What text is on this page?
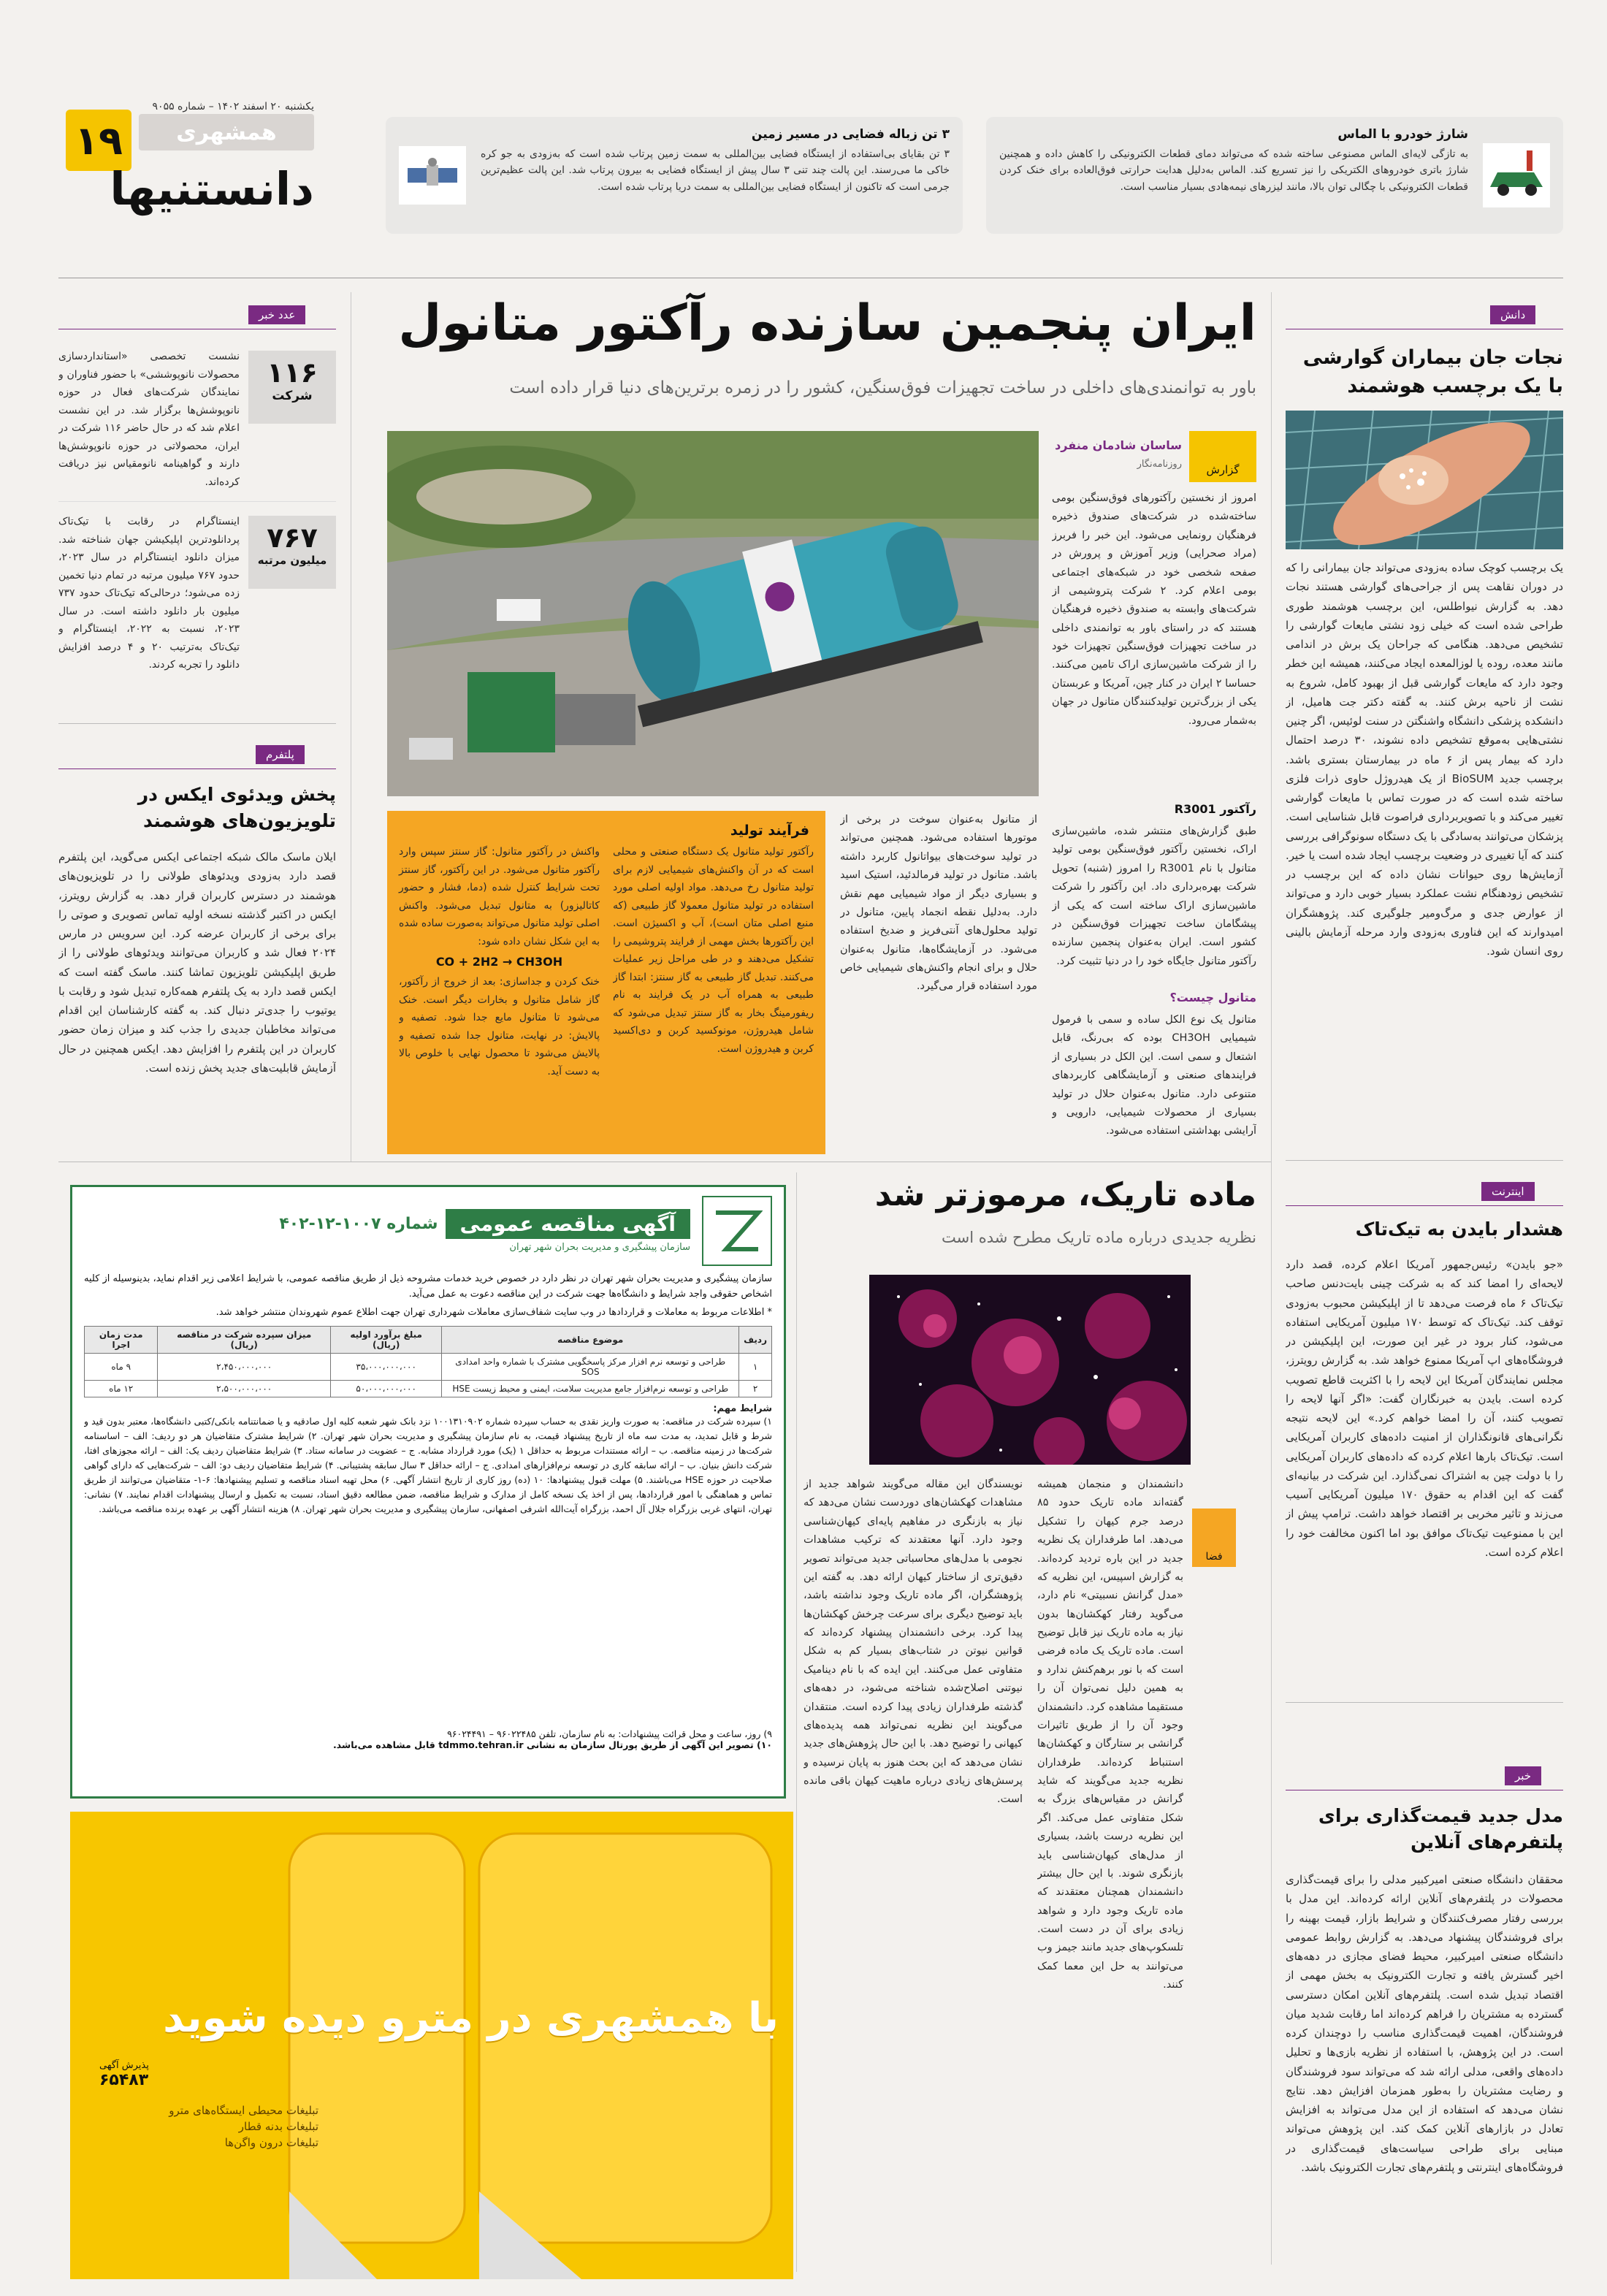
۱۹ همشهری
یکشنبه ۲۰ اسفند ۱۴۰۲ – شماره ۹۰۵۵
دانستنیها
۳ تن زباله فضایی در مسیر زمین
۳ تن بقایای بی‌استفاده از ایستگاه فضایی بین‌المللی به سمت زمین پرتاب شده است که به‌زودی به جو کره خاکی ما می‌رسند. این پالت چند تنی ۳ سال پیش از ایستگاه فضایی به بیرون پرتاب شد. این پالت عظیم‌ترین جرمی است که تاکنون از ایستگاه فضایی بین‌المللی به سمت دریا پرتاب شده است.
شارژ خودرو با الماس
به تازگی لایه‌ای الماس مصنوعی ساخته شده که می‌تواند دمای قطعات الکترونیکی را کاهش داده و همچنین شارژ باتری خودروهای الکتریکی را نیز تسریع کند. الماس به‌دلیل هدایت حرارتی فوق‌العاده برای خنک کردن قطعات الکترونیکی با چگالی توان بالا، مانند لیزرهای نیمه‌هادی بسیار مناسب است.
دانش
نجات جان بیماران گوارشی با یک برچسب هوشمند
یک برچسب کوچک ساده به‌زودی می‌تواند جان بیمارانی را که در دوران نقاهت پس از جراحی‌های گوارشی هستند نجات دهد. به گزارش نیواطلس، این برچسب هوشمند طوری طراحی شده است که خیلی زود نشتی مایعات گوارشی را تشخیص می‌دهد. هنگامی که جراحان یک برش در اندامی مانند معده، روده یا لوزالمعده ایجاد می‌کنند، همیشه این خطر وجود دارد که مایعات گوارشی قبل از بهبود کامل، شروع به نشت از ناحیه برش کنند. به گفته دکتر جت هامیل، از دانشکده پزشکی دانشگاه واشنگتن در سنت لوئیس، اگر چنین نشتی‌هایی به‌موقع تشخیص داده نشوند، ۳۰ درصد احتمال دارد که بیمار پس از ۶ ماه در بیمارستان بستری باشد. برچسب جدید BioSUM از یک هیدروژل حاوی ذرات فلزی ساخته شده است که در صورت تماس با مایعات گوارشی تغییر می‌کند و با تصویربرداری فراصوت قابل شناسایی است. پزشکان می‌توانند به‌سادگی با یک دستگاه سونوگرافی بررسی کنند که آیا تغییری در وضعیت برچسب ایجاد شده است یا خیر. آزمایش‌ها روی حیوانات نشان داده که این برچسب در تشخیص زودهنگام نشت عملکرد بسیار خوبی دارد و می‌تواند از عوارض جدی و مرگ‌ومیر جلوگیری کند. پژوهشگران امیدوارند که این فناوری به‌زودی وارد مرحله آزمایش بالینی روی انسان شود.
اینترنت
هشدار بایدن به تیک‌تاک
«جو بایدن» رئیس‌جمهور آمریکا اعلام کرده، قصد دارد لایحه‌ای را امضا کند که به شرکت چینی بایت‌دنس صاحب تیک‌تاک ۶ ماه فرصت می‌دهد تا از اپلیکیشن محبوب به‌زودی توقف کند. تیک‌تاک که توسط ۱۷۰ میلیون آمریکایی استفاده می‌شود، کنار برود در غیر این صورت، این اپلیکیشن در فروشگاه‌های اپ آمریکا ممنوع خواهد شد. به گزارش رویترز، مجلس نمایندگان آمریکا این لایحه را با اکثریت قاطع تصویب کرده است. بایدن به خبرنگاران گفت: «اگر آنها لایحه را تصویب کنند، آن را امضا خواهم کرد.» این لایحه نتیجه نگرانی‌های قانونگذاران از امنیت داده‌های کاربران آمریکایی است. تیک‌تاک بارها اعلام کرده که داده‌های کاربران آمریکایی را با دولت چین به اشتراک نمی‌گذارد. این شرکت در بیانیه‌ای گفت که این اقدام به حقوق ۱۷۰ میلیون آمریکایی آسیب می‌زند و تاثیر مخربی بر اقتصاد خواهد داشت. ترامپ پیش از این با ممنوعیت تیک‌تاک موافق بود اما اکنون مخالفت خود را اعلام کرده است.
خبر
مدل جدید قیمت‌گذاری برای پلتفرم‌های آنلاین
محققان دانشگاه صنعتی امیرکبیر مدلی را برای قیمت‌گذاری محصولات در پلتفرم‌های آنلاین ارائه کرده‌اند. این مدل با بررسی رفتار مصرف‌کنندگان و شرایط بازار، قیمت بهینه را برای فروشندگان پیشنهاد می‌دهد. به گزارش روابط عمومی دانشگاه صنعتی امیرکبیر، محیط فضای مجازی در دهه‌های اخیر گسترش یافته و تجارت الکترونیک به بخش مهمی از اقتصاد تبدیل شده است. پلتفرم‌های آنلاین امکان دسترسی گسترده به مشتریان را فراهم کرده‌اند اما رقابت شدید میان فروشندگان، اهمیت قیمت‌گذاری مناسب را دوچندان کرده است. در این پژوهش، با استفاده از نظریه بازی‌ها و تحلیل داده‌های واقعی، مدلی ارائه شد که می‌تواند سود فروشندگان و رضایت مشتریان را به‌طور همزمان افزایش دهد. نتایج نشان می‌دهد که استفاده از این مدل می‌تواند به افزایش تعادل در بازارهای آنلاین کمک کند. این پژوهش می‌تواند مبنایی برای طراحی سیاست‌های قیمت‌گذاری در فروشگاه‌های اینترنتی و پلتفرم‌های تجارت الکترونیک باشد.
عدد خبر
۱۱۶
شرکت
نشست تخصصی «استانداردسازی محصولات نانوپوششی» با حضور فناوران و نمایندگان شرکت‌های فعال در حوزه نانوپوشش‌ها برگزار شد. در این نشست اعلام شد که در حال حاضر ۱۱۶ شرکت در ایران، محصولاتی در حوزه نانوپوشش‌ها دارند و گواهینامه نانومقیاس نیز دریافت کرده‌اند.
۷۶۷
میلیون مرتبه
اینستاگرام در رقابت با تیک‌تاک پردانلودترین اپلیکیشن جهان شناخته شد. میزان دانلود اینستاگرام در سال ۲۰۲۳، حدود ۷۶۷ میلیون مرتبه در تمام دنیا تخمین زده می‌شود؛ درحالی‌که تیک‌تاک حدود ۷۳۷ میلیون بار دانلود داشته است. در سال ۲۰۲۳، نسبت به ۲۰۲۲، اینستاگرام و تیک‌تاک به‌ترتیب ۲۰ و ۴ درصد افزایش دانلود را تجربه کردند.
پلتفرم
پخش ویدئوی ایکس در تلویزیون‌های هوشمند
ایلان ماسک مالک شبکه اجتماعی ایکس می‌گوید، این پلتفرم قصد دارد به‌زودی ویدئوهای طولانی را در تلویزیون‌های هوشمند در دسترس کاربران قرار دهد. به گزارش رویترز، ایکس در اکتبر گذشته نسخه اولیه تماس تصویری و صوتی را برای برخی از کاربران عرضه کرد. این سرویس در مارس ۲۰۲۴ فعال شد و کاربران می‌توانند ویدئوهای طولانی را از طریق اپلیکیشن تلویزیون تماشا کنند. ماسک گفته است که ایکس قصد دارد به یک پلتفرم همه‌کاره تبدیل شود و رقابت با یوتیوب را جدی‌تر دنبال کند. به گفته کارشناسان این اقدام می‌تواند مخاطبان جدیدی را جذب کند و میزان زمان حضور کاربران در این پلتفرم را افزایش دهد. ایکس همچنین در حال آزمایش قابلیت‌های جدید پخش زنده است.
ایران پنجمین سازنده رآکتور متانول
باور به توانمندی‌های داخلی در ساخت تجهیزات فوق‌سنگین، کشور را در زمره برترین‌های دنیا قرار داده است
گزارش
ساسان شادمان منفرد
روزنامه‌نگار
امروز از نخستین رآکتورهای فوق‌سنگین بومی ساخته‌شده در شرکت‌های صندوق ذخیره فرهنگیان رونمایی می‌شود. این خبر را فربرز (مراد صحرایی) وزیر آموزش و پرورش در صفحه شخصی خود در شبکه‌های اجتماعی بومی اعلام کرد. ۲ شرکت پتروشیمی از شرکت‌های وابسته به صندوق ذخیره فرهنگیان هستند که در راستای باور به توانمندی داخلی در ساخت تجهیزات فوق‌سنگین تجهیزات خود را از شرکت ماشین‌سازی اراک تامین می‌کنند. حساسا ۲ ایران در کنار چین، آمریکا و عربستان یکی از بزرگ‌ترین تولیدکنندگان متانول در جهان به‌شمار می‌رود.
رآکتور R3001
طبق گزارش‌های منتشر شده، ماشین‌سازی اراک، نخستین رآکتور فوق‌سنگین بومی تولید متانول با نام R3001 را امروز (شنبه) تحویل شرکت بهره‌برداری داد. این رآکتور را شرکت ماشین‌سازی اراک ساخته است که یکی از پیشگامان ساخت تجهیزات فوق‌سنگین در کشور است. ایران به‌عنوان پنجمین سازنده رآکتور متانول جایگاه خود را در دنیا تثبیت کرد.
متانول چیست؟
متانول یک نوع الکل ساده و سمی با فرمول شیمیایی CH3OH بوده که بی‌رنگ، قابل اشتعال و سمی است. این الکل در بسیاری از فرایندهای صنعتی و آزمایشگاهی کاربردهای متنوعی دارد. متانول به‌عنوان حلال در تولید بسیاری از محصولات شیمیایی، دارویی و آرایشی بهداشتی استفاده می‌شود.
از متانول به‌عنوان سوخت در برخی از موتورها استفاده می‌شود. همچنین می‌تواند در تولید سوخت‌های بیواتانول کاربرد داشته باشد. متانول در تولید فرمالدئید، استیک اسید و بسیاری دیگر از مواد شیمیایی مهم نقش دارد. به‌دلیل نقطه انجماد پایین، متانول در تولید محلول‌های آنتی‌فریز و ضدیخ استفاده می‌شود. در آزمایشگاه‌ها، متانول به‌عنوان حلال و برای انجام واکنش‌های شیمیایی خاص مورد استفاده قرار می‌گیرد.
فرآیند تولید
رآکتور تولید متانول یک دستگاه صنعتی و محلی است که در آن واکنش‌های شیمیایی لازم برای تولید متانول رخ می‌دهد. مواد اولیه اصلی مورد استفاده در تولید متانول معمولا گاز طبیعی (که منبع اصلی متان است)، آب و اکسیژن است. این رآکتورها بخش مهمی از فرایند پتروشیمی را تشکیل می‌دهند و در طی مراحل زیر عملیات می‌کنند. تبدیل گاز طبیعی به گاز سنتز: ابتدا گاز طبیعی به همراه آب در یک فرایند به نام ریفورمینگ بخار به گاز سنتز تبدیل می‌شود که شامل هیدروژن، مونوکسید کربن و دی‌اکسید کربن و هیدروژن است.
واکنش در رآکتور متانول: گاز سنتز سپس وارد رآکتور متانول می‌شود. در این رآکتور، گاز سنتز تحت شرایط کنترل شده (دما، فشار و حضور کاتالیزور) به متانول تبدیل می‌شود. واکنش اصلی تولید متانول می‌تواند به‌صورت ساده شده به این شکل نشان داده شود:
CO + 2H2 → CH3OH
خنک کردن و جداسازی: بعد از خروج از رآکتور، گاز شامل متانول و بخارات دیگر است. خنک می‌شود تا متانول مایع جدا شود. تصفیه و پالایش: در نهایت، متانول جدا شده تصفیه و پالایش می‌شود تا محصول نهایی با خلوص بالا به دست آید.
آگهی مناقصه عمومی
شماره ۱۰۰۷-۱۲-۴۰۲
سازمان پیشگیری و مدیریت بحران شهر تهران
سازمان پیشگیری و مدیریت بحران شهر تهران در نظر دارد در خصوص خرید خدمات مشروحه ذیل از طریق مناقصه عمومی، با شرایط اعلامی زیر اقدام نماید، بدینوسیله از کلیه اشخاص حقوقی واجد شرایط و دانشگاه‌ها جهت شرکت در این مناقصه دعوت به عمل می‌آید.
* اطلاعات مربوط به معاملات و قراردادها در وب سایت شفاف‌سازی معاملات شهرداری تهران جهت اطلاع عموم شهروندان منتشر خواهد شد.
ردیف	موضوع مناقصه	مبلغ برآورد اولیه (ریال)	میزان سپرده شرکت در مناقصه (ریال)	مدت زمان اجرا
۱	طراحی و توسعه نرم افزار مرکز پاسخگویی مشترک با شماره واحد امدادی SOS	۳۵،۰۰۰،۰۰۰،۰۰۰	۲،۴۵۰،۰۰۰،۰۰۰	۹ ماه
۲	طراحی و توسعه نرم‌افزار جامع مدیریت سلامت، ایمنی و محیط زیست HSE	۵۰،۰۰۰،۰۰۰،۰۰۰	۲،۵۰۰،۰۰۰،۰۰۰	۱۲ ماه
شرایط مهم:
۱) سپرده شرکت در مناقصه: به صورت واریز نقدی به حساب سپرده شماره ۱۰۰۱۳۱۰۹۰۲ نزد بانک شهر شعبه کلیه اول صادقیه و یا ضمانتنامه بانکی/کتبی دانشگاه‌ها، معتبر بدون قید و شرط و قابل تمدید، به مدت سه ماه از تاریخ پیشنهاد قیمت، به نام سازمان پیشگیری و مدیریت بحران شهر تهران. ۲) شرایط مشترک متقاضیان هر دو ردیف: الف – اساسنامه شرکت‌ها در زمینه مناقصه. ب – ارائه مستندات مربوط به حداقل ۱ (یک) مورد قرارداد مشابه. ج – عضویت در سامانه ستاد. ۳) شرایط متقاضیان ردیف یک: الف – ارائه مجوزهای افتا، شرکت دانش بنیان. ب – ارائه سابقه کاری در توسعه نرم‌افزارهای امدادی. ج – ارائه حداقل ۳ سال سابقه پشتیبانی. ۴) شرایط متقاضیان ردیف دو: الف – شرکت‌هایی که دارای گواهی صلاحیت در حوزه HSE می‌باشند. ۵) مهلت قبول پیشنهادها: ۱۰ (ده) روز کاری از تاریخ انتشار آگهی. ۶) محل تهیه اسناد مناقصه و تسلیم پیشنهادها: ۶-۱- متقاضیان می‌توانند از طریق تماس و هماهنگی با امور قراردادها، پس از اخذ یک نسخه کامل از مدارک و شرایط مناقصه، ضمن مطالعه دقیق اسناد، نسبت به تکمیل و ارسال پیشنهادات اقدام نمایند. ۷) نشانی: تهران، انتهای غربی بزرگراه جلال آل احمد، بزرگراه آیت‌الله اشرفی اصفهانی، سازمان پیشگیری و مدیریت بحران شهر تهران. ۸) هزینه انتشار آگهی بر عهده برنده مناقصه می‌باشد.
۹) روز، ساعت و محل قرائت پیشنهادات: به نام سازمان، تلفن ۹۶۰۲۲۴۸۵ – ۹۶۰۲۴۴۹۱
۱۰) تصویر این آگهی از طریق پورتال سازمان به نشانی tdmmo.tehran.ir قابل مشاهده می‌باشد.
با همشهری در مترو دیده شوید
پذیرش آگهی
۶۵۴۸۳
تبلیغات محیطی ایستگاه‌های مترو
تبلیغات بدنه قطار
تبلیغات درون واگن‌ها
ماده تاریک، مرموزتر شد
نظریه جدیدی درباره ماده تاریک مطرح شده است
فضا
دانشمندان و منجمان همیشه گفته‌اند ماده تاریک حدود ۸۵ درصد جرم کیهان را تشکیل می‌دهد. اما طرفداران یک نظریه جدید در این باره تردید کرده‌اند. به گزارش اسپیس، این نظریه که «مدل گرانش نسبیتی» نام دارد، می‌گوید رفتار کهکشان‌ها بدون نیاز به ماده تاریک نیز قابل توضیح است. ماده تاریک یک ماده فرضی است که با نور برهم‌کنش ندارد و به همین دلیل نمی‌توان آن را مستقیما مشاهده کرد. دانشمندان وجود آن را از طریق تاثیرات گرانشی بر ستارگان و کهکشان‌ها استنباط کرده‌اند. طرفداران نظریه جدید می‌گویند که شاید گرانش در مقیاس‌های بزرگ به شکل متفاوتی عمل می‌کند. اگر این نظریه درست باشد، بسیاری از مدل‌های کیهان‌شناسی باید بازنگری شوند. با این حال بیشتر دانشمندان همچنان معتقدند که ماده تاریک وجود دارد و شواهد زیادی برای آن در دست است. تلسکوپ‌های جدید مانند جیمز وب می‌توانند به حل این معما کمک کنند.
نویسندگان این مقاله می‌گویند شواهد جدید از مشاهدات کهکشان‌های دوردست نشان می‌دهد که نیاز به بازنگری در مفاهیم پایه‌ای کیهان‌شناسی وجود دارد. آنها معتقدند که ترکیب مشاهدات نجومی با مدل‌های محاسباتی جدید می‌تواند تصویر دقیق‌تری از ساختار کیهان ارائه دهد. به گفته این پژوهشگران، اگر ماده تاریک وجود نداشته باشد، باید توضیح دیگری برای سرعت چرخش کهکشان‌ها پیدا کرد. برخی دانشمندان پیشنهاد کرده‌اند که قوانین نیوتن در شتاب‌های بسیار کم به شکل متفاوتی عمل می‌کنند. این ایده که با نام دینامیک نیوتنی اصلاح‌شده شناخته می‌شود، در دهه‌های گذشته طرفداران زیادی پیدا کرده است. منتقدان می‌گویند این نظریه نمی‌تواند همه پدیده‌های کیهانی را توضیح دهد. با این حال پژوهش‌های جدید نشان می‌دهد که این بحث هنوز به پایان نرسیده و پرسش‌های زیادی درباره ماهیت کیهان باقی مانده است.
